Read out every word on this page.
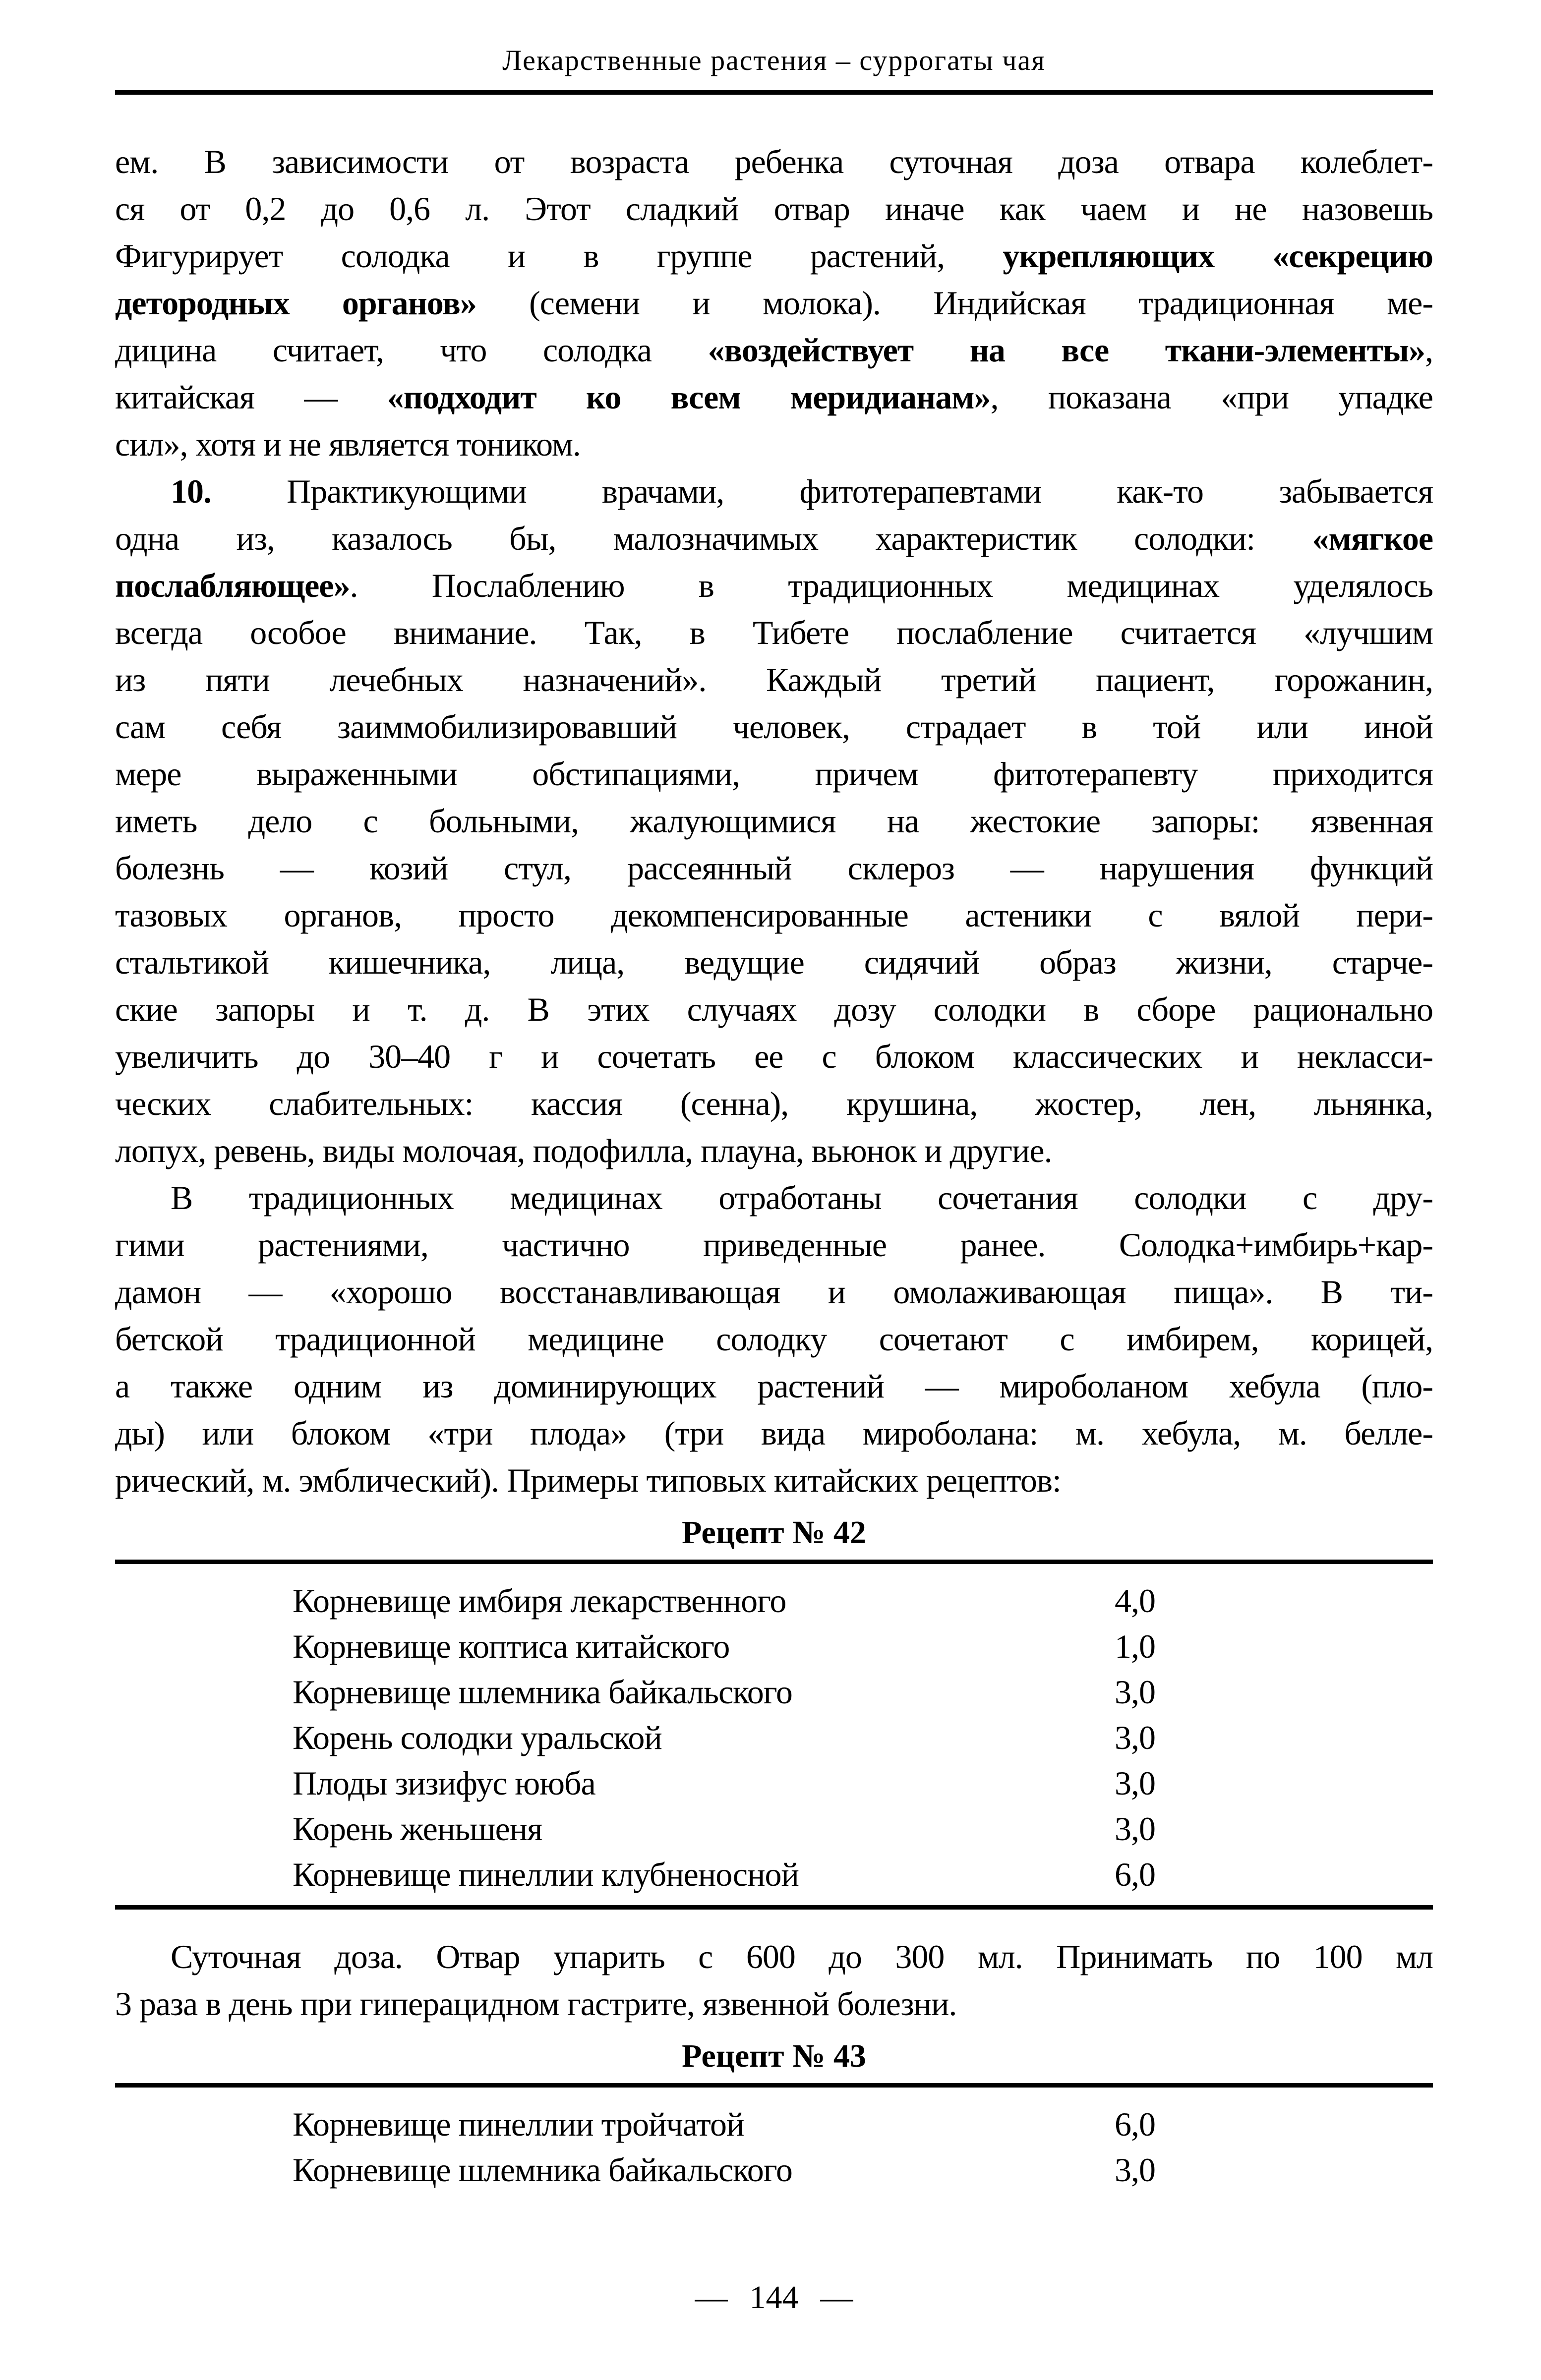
Лекарственные растения – суррогаты чая
ем. В зависимости от возраста ребенка суточная доза отвара колеблет-
ся от 0,2 до 0,6 л. Этот сладкий отвар иначе как чаем и не назовешь
Фигурирует солодка и в группе растений, укрепляющих «секрецию
детородных органов» (семени и молока). Индийская традиционная ме-
дицина считает, что солодка «воздействует на все ткани-элементы»,
китайская — «подходит ко всем меридианам», показана «при упадке
сил», хотя и не является тоником.
10. Практикующими врачами, фитотерапевтами как-то забывается
одна из, казалось бы, малозначимых характеристик солодки: «мягкое
послабляющее». Послаблению в традиционных медицинах уделялось
всегда особое внимание. Так, в Тибете послабление считается «лучшим
из пяти лечебных назначений». Каждый третий пациент, горожанин,
сам себя заиммобилизировавший человек, страдает в той или иной
мере выраженными обстипациями, причем фитотерапевту приходится
иметь дело с больными, жалующимися на жестокие запоры: язвенная
болезнь — козий стул, рассеянный склероз — нарушения функций
тазовых органов, просто декомпенсированные астеники с вялой пери-
стальтикой кишечника, лица, ведущие сидячий образ жизни, старче-
ские запоры и т. д. В этих случаях дозу солодки в сборе рационально
увеличить до 30–40 г и сочетать ее с блоком классических и некласси-
ческих слабительных: кассия (сенна), крушина, жостер, лен, льнянка,
лопух, ревень, виды молочая, подофилла, плауна, вьюнок и другие.
В традиционных медицинах отработаны сочетания солодки с дру-
гими растениями, частично приведенные ранее. Солодка+имбирь+кар-
дамон — «хорошо восстанавливающая и омолаживающая пища». В ти-
бетской традиционной медицине солодку сочетают с имбирем, корицей,
а также одним из доминирующих растений — мироболаном хебула (пло-
ды) или блоком «три плода» (три вида мироболана: м. хебула, м. белле-
рический, м. эмблический). Примеры типовых китайских рецептов:
Рецепт № 42
Корневище имбиря лекарственного	4,0
Корневище коптиса китайского	1,0
Корневище шлемника байкальского	3,0
Корень солодки уральской	3,0
Плоды зизифус ююба	3,0
Корень женьшеня	3,0
Корневище пинеллии клубненосной	6,0
Суточная доза. Отвар упарить с 600 до 300 мл. Принимать по 100 мл
3 раза в день при гиперацидном гастрите, язвенной болезни.
Рецепт № 43
Корневище пинеллии тройчатой	6,0
Корневище шлемника байкальского	3,0
— 144 —
